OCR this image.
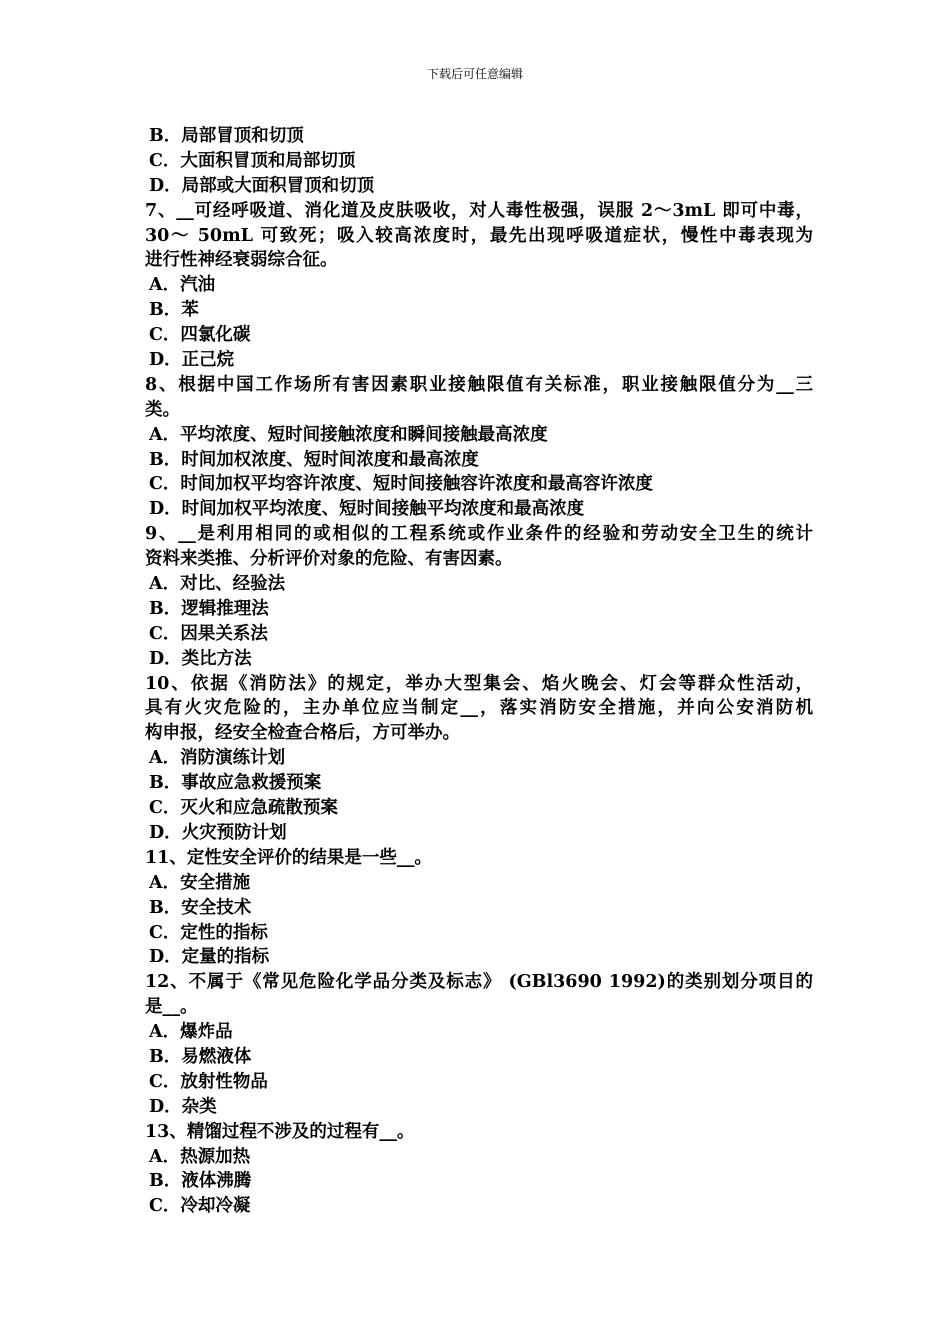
下载后可任意编辑
B．局部冒顶和切顶
C．大面积冒顶和局部切顶
D．局部或大面积冒顶和切顶
7、__可经呼吸道、消化道及皮肤吸收，对人毒性极强，误服 2～3mL 即可中毒，
30～ 50mL 可致死；吸入较高浓度时，最先出现呼吸道症状，慢性中毒表现为
进行性神经衰弱综合征。
A．汽油
B．苯
C．四氯化碳
D．正己烷
8、根据中国工作场所有害因素职业接触限值有关标准，职业接触限值分为__三
类。
A．平均浓度、短时间接触浓度和瞬间接触最高浓度
B．时间加权浓度、短时间浓度和最高浓度
C．时间加权平均容许浓度、短时间接触容许浓度和最高容许浓度
D．时间加权平均浓度、短时间接触平均浓度和最高浓度
9、__是利用相同的或相似的工程系统或作业条件的经验和劳动安全卫生的统计
资料来类推、分析评价对象的危险、有害因素。
A．对比、经验法
B．逻辑推理法
C．因果关系法
D．类比方法
10、依据《消防法》的规定，举办大型集会、焰火晚会、灯会等群众性活动，
具有火灾危险的，主办单位应当制定__，落实消防安全措施，并向公安消防机
构申报，经安全检查合格后，方可举办。
A．消防演练计划
B．事故应急救援预案
C．灭火和应急疏散预案
D．火灾预防计划
11、定性安全评价的结果是一些__。
A．安全措施
B．安全技术
C．定性的指标
D．定量的指标
12、不属于《常见危险化学品分类及标志》 (GBl3690 1992)的类别划分项目的
是__。
A．爆炸品
B．易燃液体
C．放射性物品
D．杂类
13、精馏过程不涉及的过程有__。
A．热源加热
B．液体沸腾
C．冷却冷凝
